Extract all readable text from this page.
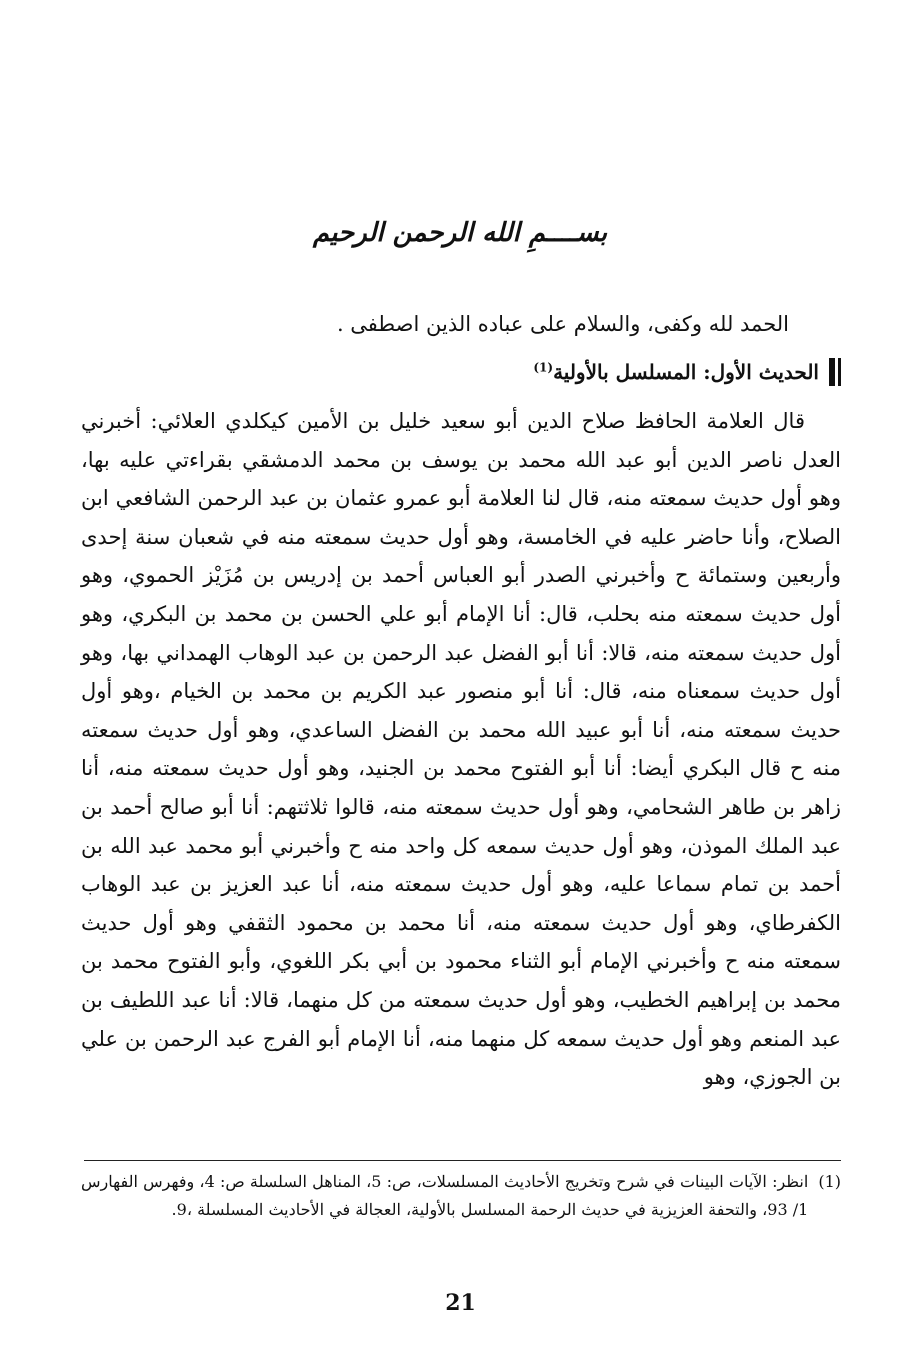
بســــمِ الله الرحمن الرحيم
الحمد لله وكفى، والسلام على عباده الذين اصطفى .
الحديث الأول: المسلسل بالأولية$^{(1)}$
قال العلامة الحافظ صلاح الدين أبو سعيد خليل بن الأمين كيكلدي العلائي: أخبرني العدل ناصر الدين أبو عبد الله محمد بن يوسف بن محمد الدمشقي بقراءتي عليه بها، وهو أول حديث سمعته منه، قال لنا العلامة أبو عمرو عثمان بن عبد الرحمن الشافعي ابن الصلاح، وأنا حاضر عليه في الخامسة، وهو أول حديث سمعته منه في شعبان سنة إحدى وأربعين وستمائة ح وأخبرني الصدر أبو العباس أحمد بن إدريس بن مُزَيْز الحموي، وهو أول حديث سمعته منه بحلب، قال: أنا الإمام أبو علي الحسن بن محمد بن البكري، وهو أول حديث سمعته منه، قالا: أنا أبو الفضل عبد الرحمن بن عبد الوهاب الهمداني بها، وهو أول حديث سمعناه منه، قال: أنا أبو منصور عبد الكريم بن محمد بن الخيام ،وهو أول حديث سمعته منه، أنا أبو عبيد الله محمد بن الفضل الساعدي، وهو أول حديث سمعته منه ح قال البكري أيضا: أنا أبو الفتوح محمد بن الجنيد، وهو أول حديث سمعته منه، أنا زاهر بن طاهر الشحامي، وهو أول حديث سمعته منه، قالوا ثلاثتهم: أنا أبو صالح أحمد بن عبد الملك الموذن، وهو أول حديث سمعه كل واحد منه ح وأخبرني أبو محمد عبد الله بن أحمد بن تمام سماعا عليه، وهو أول حديث سمعته منه، أنا عبد العزيز بن عبد الوهاب الكفرطاي، وهو أول حديث سمعته منه، أنا محمد بن محمود الثقفي وهو أول حديث سمعته منه ح وأخبرني الإمام أبو الثناء محمود بن أبي بكر اللغوي، وأبو الفتوح محمد بن محمد بن إبراهيم الخطيب، وهو أول حديث سمعته من كل منهما، قالا: أنا عبد اللطيف بن عبد المنعم وهو أول حديث سمعه كل منهما منه، أنا الإمام أبو الفرج عبد الرحمن بن علي بن الجوزي، وهو
(1)
انظر: الآيات البينات في شرح وتخريج الأحاديث المسلسلات، ص: 5، المناهل السلسلة ص: 4، وفهرس الفهارس 1/ 93، والتحفة العزيزية في حديث الرحمة المسلسل بالأولية، العجالة في الأحاديث المسلسلة ،9.
21
